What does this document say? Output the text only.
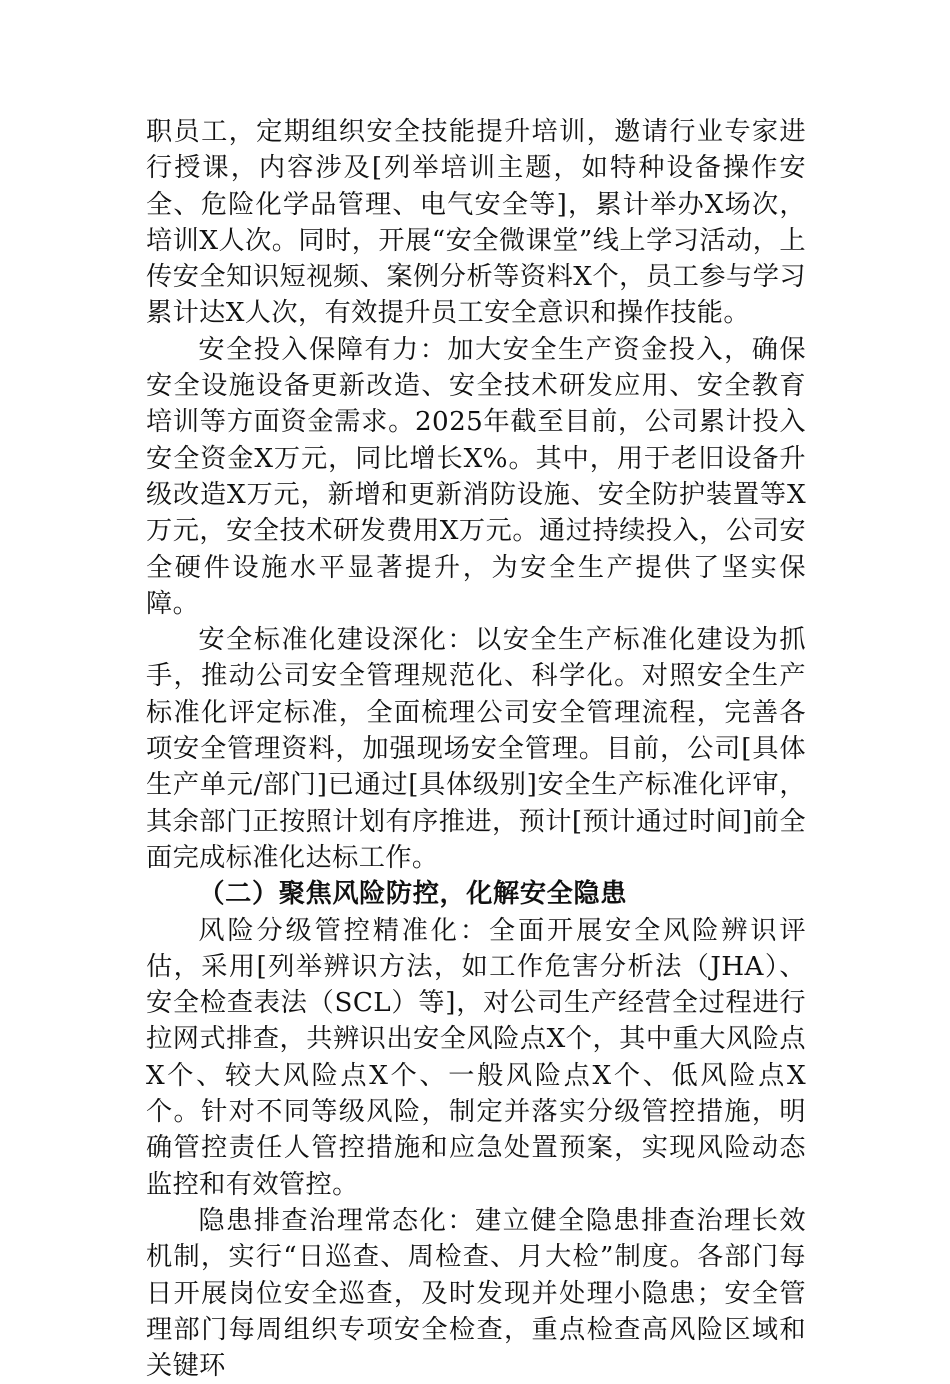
职员工，定期组织安全技能提升培训，邀请行业专家进行授课，内容涉及[列举培训主题，如特种设备操作安全、危险化学品管理、电气安全等]，累计举办X场次，培训X人次。同时，开展“安全微课堂”线上学习活动，上传安全知识短视频、案例分析等资料X个，员工参与学习累计达X人次，有效提升员工安全意识和操作技能。

安全投入保障有力：加大安全生产资金投入，确保安全设施设备更新改造、安全技术研发应用、安全教育培训等方面资金需求。2025年截至目前，公司累计投入安全资金X万元，同比增长X%。其中，用于老旧设备升级改造X万元，新增和更新消防设施、安全防护装置等X万元，安全技术研发费用X万元。通过持续投入，公司安全硬件设施水平显著提升，为安全生产提供了坚实保障。

安全标准化建设深化：以安全生产标准化建设为抓手，推动公司安全管理规范化、科学化。对照安全生产标准化评定标准，全面梳理公司安全管理流程，完善各项安全管理资料，加强现场安全管理。目前，公司[具体生产单元/部门]已通过[具体级别]安全生产标准化评审，其余部门正按照计划有序推进，预计[预计通过时间]前全面完成标准化达标工作。

（二）聚焦风险防控，化解安全隐患

风险分级管控精准化：全面开展安全风险辨识评估，采用[列举辨识方法，如工作危害分析法（JHA）、安全检查表法（SCL）等]，对公司生产经营全过程进行拉网式排查，共辨识出安全风险点X个，其中重大风险点X个、较大风险点X个、一般风险点X个、低风险点X个。针对不同等级风险，制定并落实分级管控措施，明确管控责任人管控措施和应急处置预案，实现风险动态监控和有效管控。

隐患排查治理常态化：建立健全隐患排查治理长效机制，实行“日巡查、周检查、月大检”制度。各部门每日开展岗位安全巡查，及时发现并处理小隐患；安全管理部门每周组织专项安全检查，重点检查高风险区域和关键环
